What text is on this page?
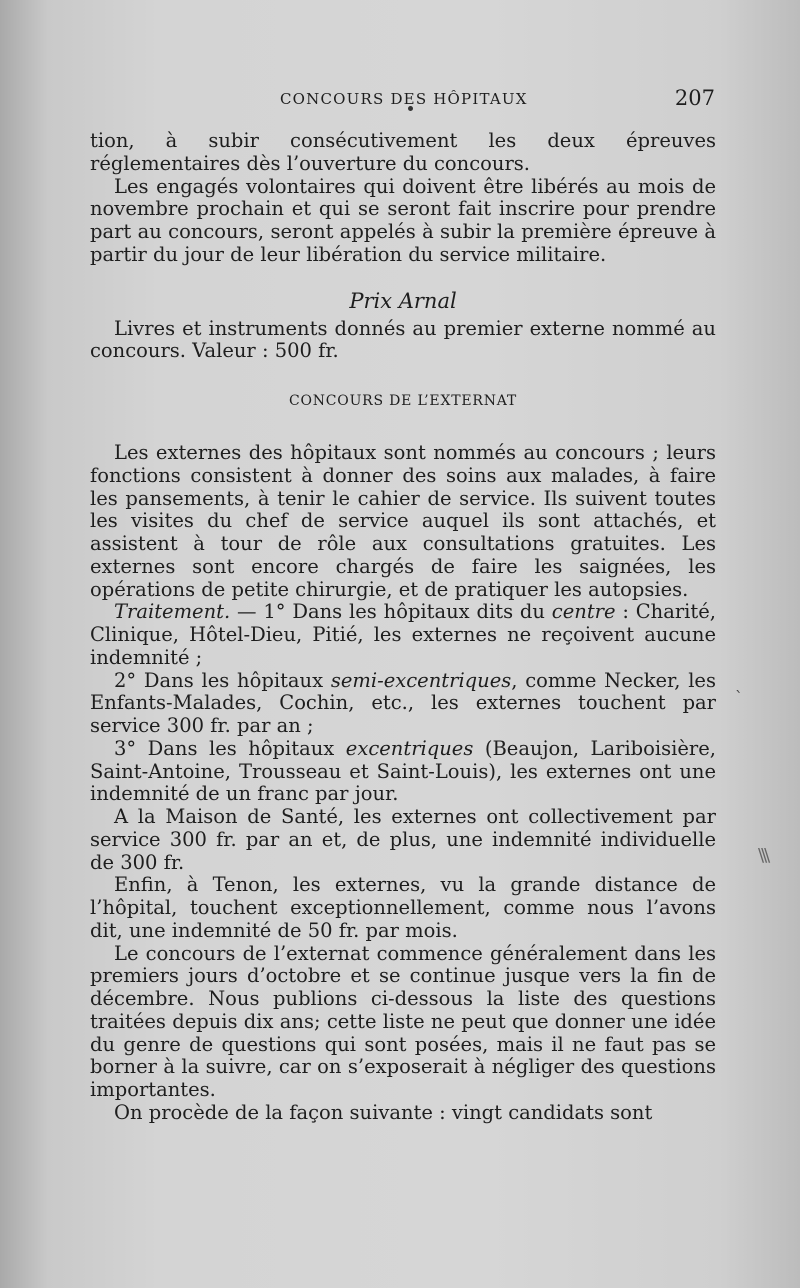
CONCOURS DES HÔPITAUX	207

tion, à subir consécutivement les deux épreuves réglementaires dès l’ouverture du concours.

Les engagés volontaires qui doivent être libérés au mois de novembre prochain et qui se seront fait inscrire pour prendre part au concours, seront appelés à subir la première épreuve à partir du jour de leur libération du service militaire.

Prix Arnal

Livres et instruments donnés au premier externe nommé au concours. Valeur : 500 fr.

CONCOURS DE L’EXTERNAT

Les externes des hôpitaux sont nommés au concours ; leurs fonctions consistent à donner des soins aux malades, à faire les pansements, à tenir le cahier de service. Ils suivent toutes les visites du chef de service auquel ils sont attachés, et assistent à tour de rôle aux consultations gratuites. Les externes sont encore chargés de faire les saignées, les opérations de petite chirurgie, et de pratiquer les autopsies.

Traitement. — 1° Dans les hôpitaux dits du centre : Charité, Clinique, Hôtel-Dieu, Pitié, les externes ne reçoivent aucune indemnité ;

2° Dans les hôpitaux semi-excentriques, comme Necker, les Enfants-Malades, Cochin, etc., les externes touchent par service 300 fr. par an ;

3° Dans les hôpitaux excentriques (Beaujon, Lariboisière, Saint-Antoine, Trousseau et Saint-Louis), les externes ont une indemnité de un franc par jour.

A la Maison de Santé, les externes ont collectivement par service 300 fr. par an et, de plus, une indemnité individuelle de 300 fr.

Enfin, à Tenon, les externes, vu la grande distance de l’hôpital, touchent exceptionnellement, comme nous l’avons dit, une indemnité de 50 fr. par mois.

Le concours de l’externat commence généralement dans les premiers jours d’octobre et se continue jusque vers la fin de décembre. Nous publions ci-dessous la liste des questions traitées depuis dix ans; cette liste ne peut que donner une idée du genre de questions qui sont posées, mais il ne faut pas se borner à la suivre, car on s’exposerait à négliger des questions importantes.

On procède de la façon suivante : vingt candidats sont

`
\\\
